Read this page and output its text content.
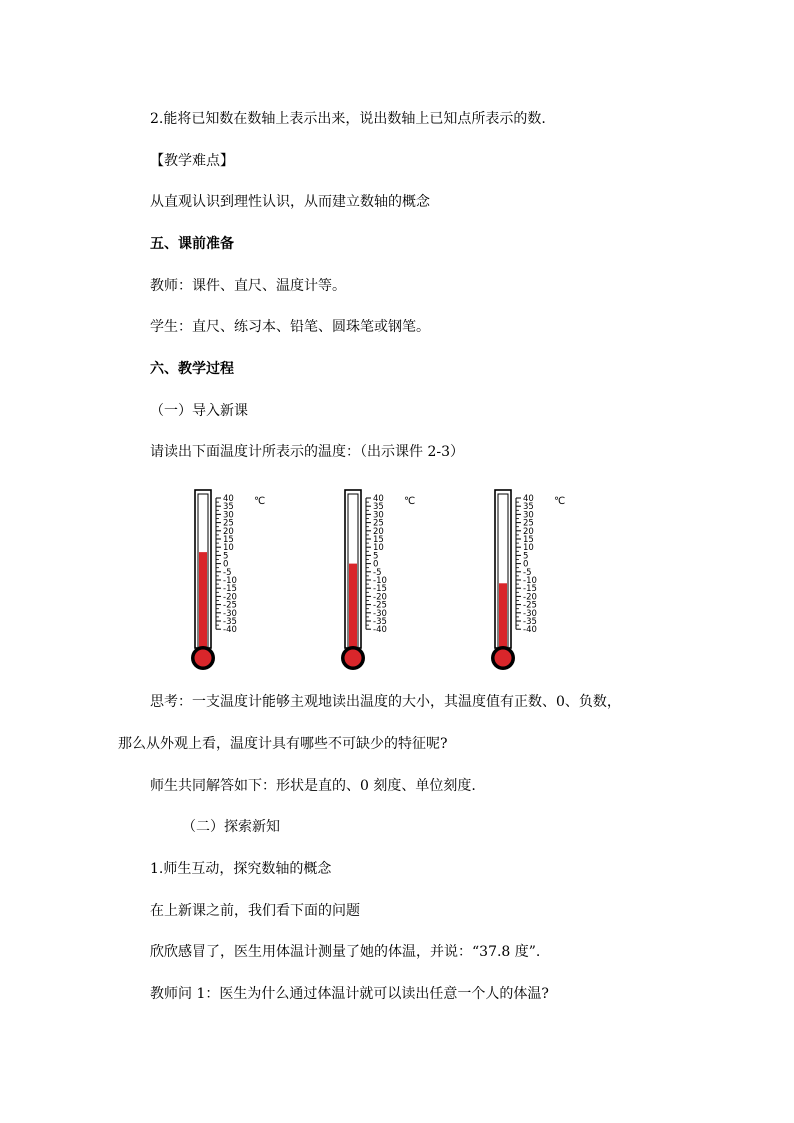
2.能将已知数在数轴上表示出来，说出数轴上已知点所表示的数.
【教学难点】
从直观认识到理性认识，从而建立数轴的概念
五、课前准备
教师：课件、直尺、温度计等。
学生：直尺、练习本、铅笔、圆珠笔或钢笔。
六、教学过程
（一）导入新课
请读出下面温度计所表示的温度：（出示课件 2-3）
40
35
30
25
20
15
10
5
0
-5
-10
-15
-20
-25
-30
-35
-40
℃	40
35
30
25
20
15
10
5
0
-5
-10
-15
-20
-25
-30
-35
-40
℃	40
35
30
25
20
15
10
5
0
-5
-10
-15
-20
-25
-30
-35
-40
℃
思考：一支温度计能够主观地读出温度的大小，其温度值有正数、0、负数，
那么从外观上看，温度计具有哪些不可缺少的特征呢?
师生共同解答如下：形状是直的、0 刻度、单位刻度.
（二）探索新知
1.师生互动，探究数轴的概念
在上新课之前，我们看下面的问题
欣欣感冒了，医生用体温计测量了她的体温，并说：“37.8 度”.
教师问 1：医生为什么通过体温计就可以读出任意一个人的体温?
